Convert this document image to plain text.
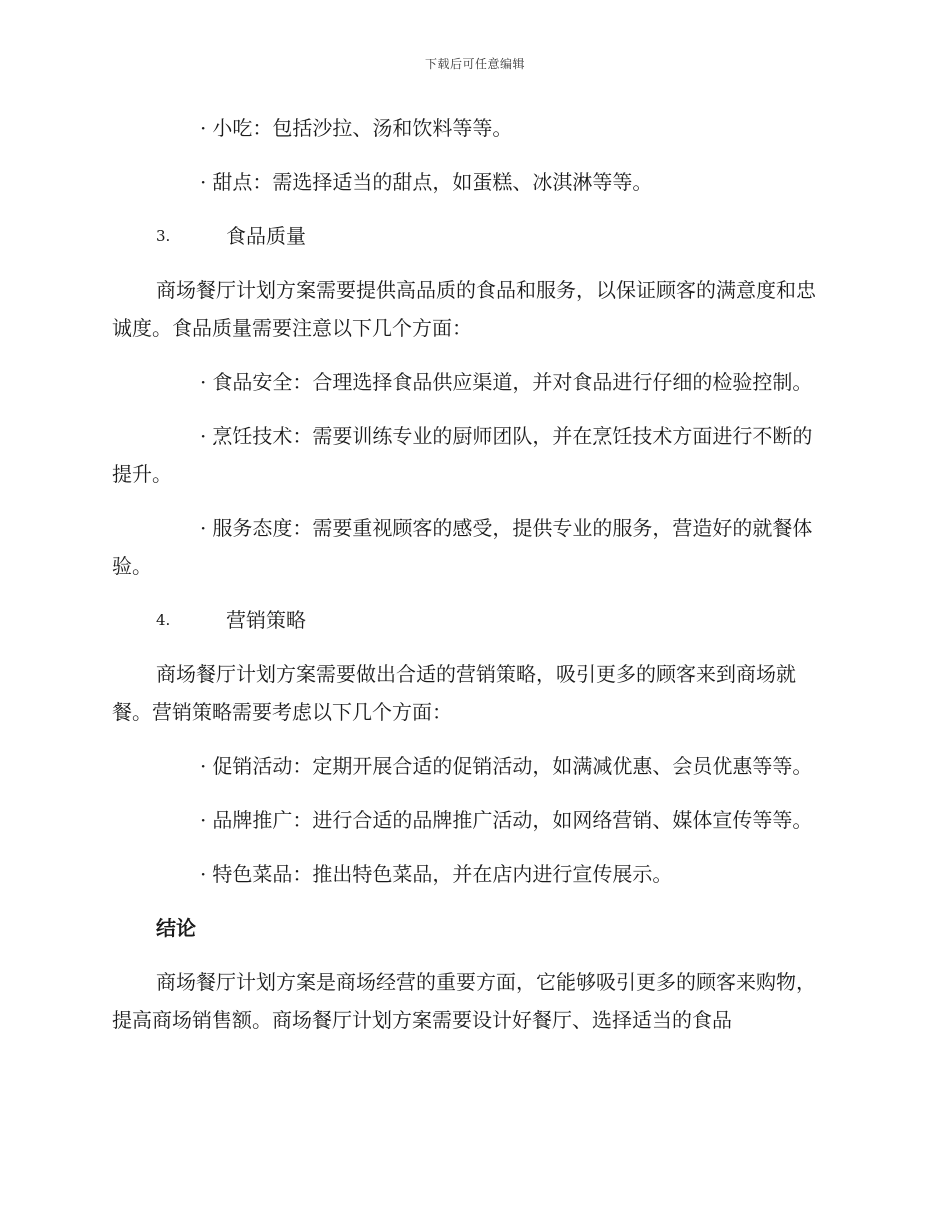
下载后可任意编辑

· 小吃：包括沙拉、汤和饮料等等。

· 甜点：需选择适当的甜点，如蛋糕、冰淇淋等等。

3.	食品质量

商场餐厅计划方案需要提供高品质的食品和服务，以保证顾客的满意度和忠诚度。食品质量需要注意以下几个方面：

· 食品安全：合理选择食品供应渠道，并对食品进行仔细的检验控制。

· 烹饪技术：需要训练专业的厨师团队，并在烹饪技术方面进行不断的提升。

· 服务态度：需要重视顾客的感受，提供专业的服务，营造好的就餐体验。

4.	营销策略

商场餐厅计划方案需要做出合适的营销策略，吸引更多的顾客来到商场就餐。营销策略需要考虑以下几个方面：

· 促销活动：定期开展合适的促销活动，如满减优惠、会员优惠等等。

· 品牌推广：进行合适的品牌推广活动，如网络营销、媒体宣传等等。

· 特色菜品：推出特色菜品，并在店内进行宣传展示。

结论

商场餐厅计划方案是商场经营的重要方面，它能够吸引更多的顾客来购物，提高商场销售额。商场餐厅计划方案需要设计好餐厅、选择适当的食品
